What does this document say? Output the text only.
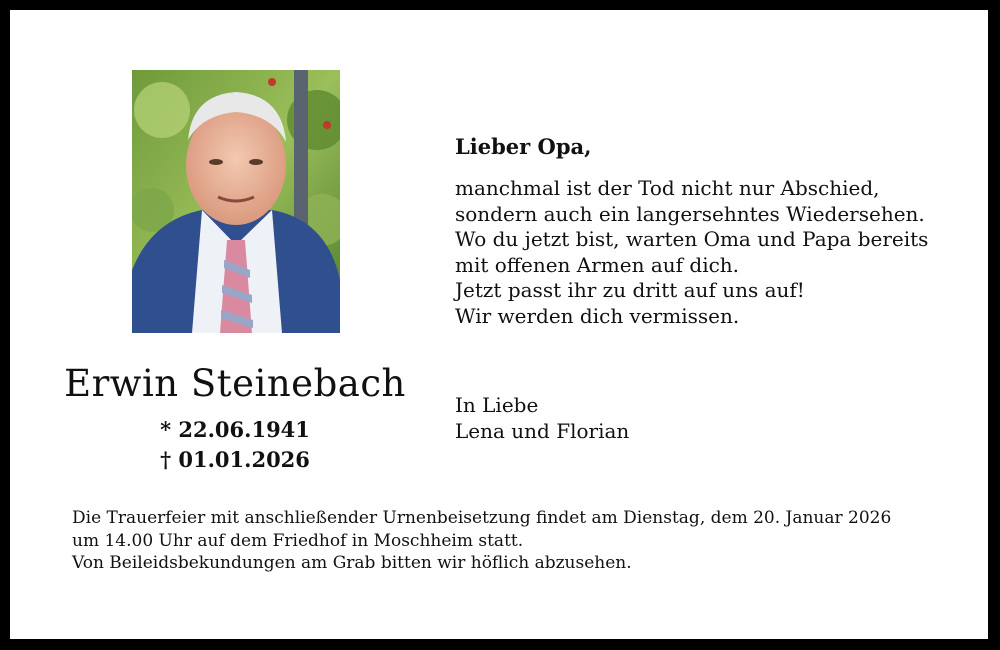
Erwin Steinebach
* 22.06.1941
† 01.01.2026
Lieber Opa,
manchmal ist der Tod nicht nur Abschied,
sondern auch ein langersehntes Wiedersehen.
Wo du jetzt bist, warten Oma und Papa bereits
mit offenen Armen auf dich.
Jetzt passt ihr zu dritt auf uns auf!
Wir werden dich vermissen.
In Liebe
Lena und Florian
Die Trauerfeier mit anschließender Urnenbeisetzung findet am Dienstag, dem 20. Januar 2026
um 14.00 Uhr auf dem Friedhof in Moschheim statt.
Von Beileidsbekundungen am Grab bitten wir höflich abzusehen.
